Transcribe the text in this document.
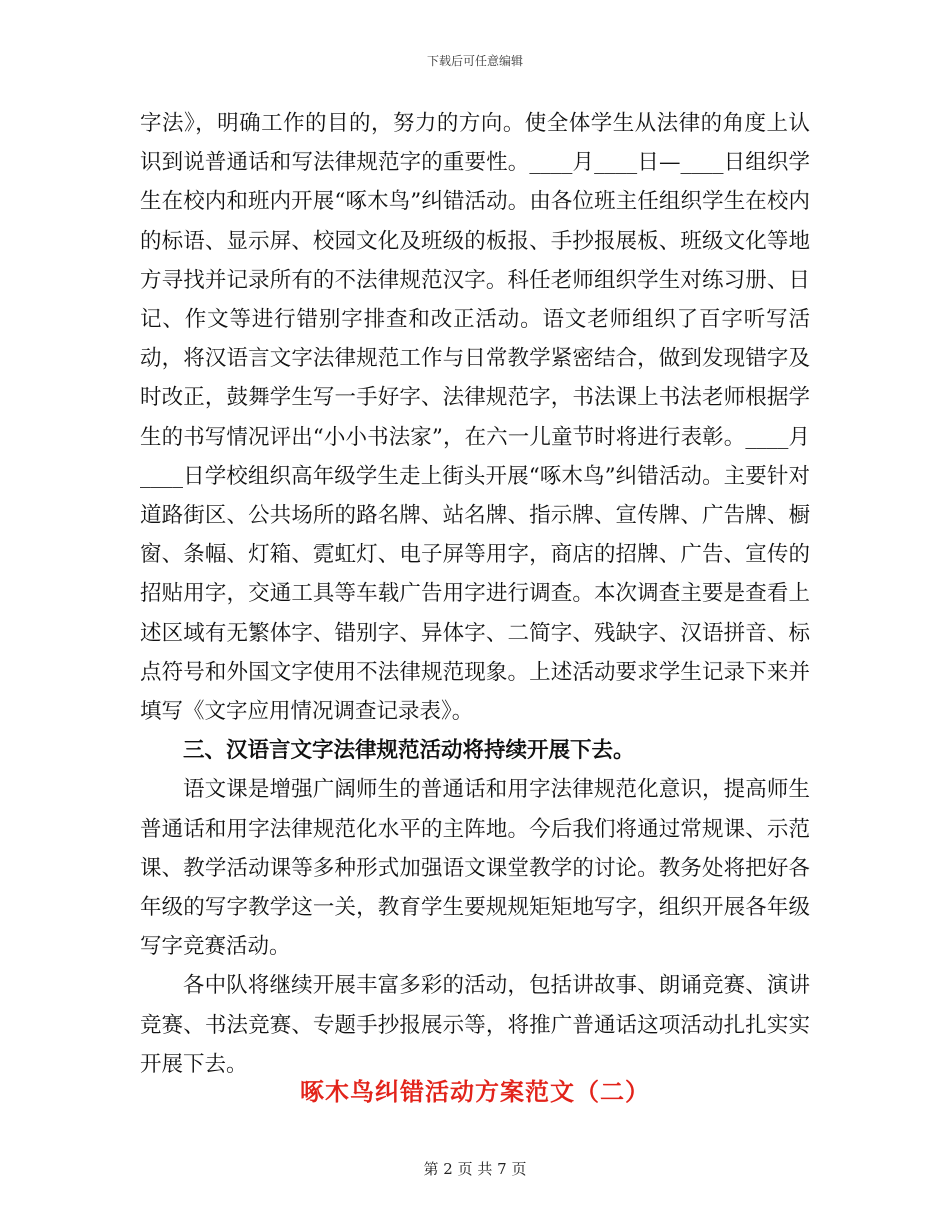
下载后可任意编辑

字法》，明确工作的目的，努力的方向。使全体学生从法律的角度上认识到说普通话和写法律规范字的重要性。____月____日—____日组织学生在校内和班内开展“啄木鸟”纠错活动。由各位班主任组织学生在校内的标语、显示屏、校园文化及班级的板报、手抄报展板、班级文化等地方寻找并记录所有的不法律规范汉字。科任老师组织学生对练习册、日记、作文等进行错别字排查和改正活动。语文老师组织了百字听写活动，将汉语言文字法律规范工作与日常教学紧密结合，做到发现错字及时改正，鼓舞学生写一手好字、法律规范字，书法课上书法老师根据学生的书写情况评出“小小书法家”，在六一儿童节时将进行表彰。____月____日学校组织高年级学生走上街头开展“啄木鸟”纠错活动。主要针对道路街区、公共场所的路名牌、站名牌、指示牌、宣传牌、广告牌、橱窗、条幅、灯箱、霓虹灯、电子屏等用字，商店的招牌、广告、宣传的招贴用字，交通工具等车载广告用字进行调查。本次调查主要是查看上述区域有无繁体字、错别字、异体字、二简字、残缺字、汉语拼音、标点符号和外国文字使用不法律规范现象。上述活动要求学生记录下来并填写《文字应用情况调查记录表》。

三、汉语言文字法律规范活动将持续开展下去。

语文课是增强广阔师生的普通话和用字法律规范化意识，提高师生普通话和用字法律规范化水平的主阵地。今后我们将通过常规课、示范课、教学活动课等多种形式加强语文课堂教学的讨论。教务处将把好各年级的写字教学这一关，教育学生要规规矩矩地写字，组织开展各年级写字竞赛活动。

各中队将继续开展丰富多彩的活动，包括讲故事、朗诵竞赛、演讲竞赛、书法竞赛、专题手抄报展示等，将推广普通话这项活动扎扎实实开展下去。

啄木鸟纠错活动方案范文（二）
第 2 页 共 7 页
